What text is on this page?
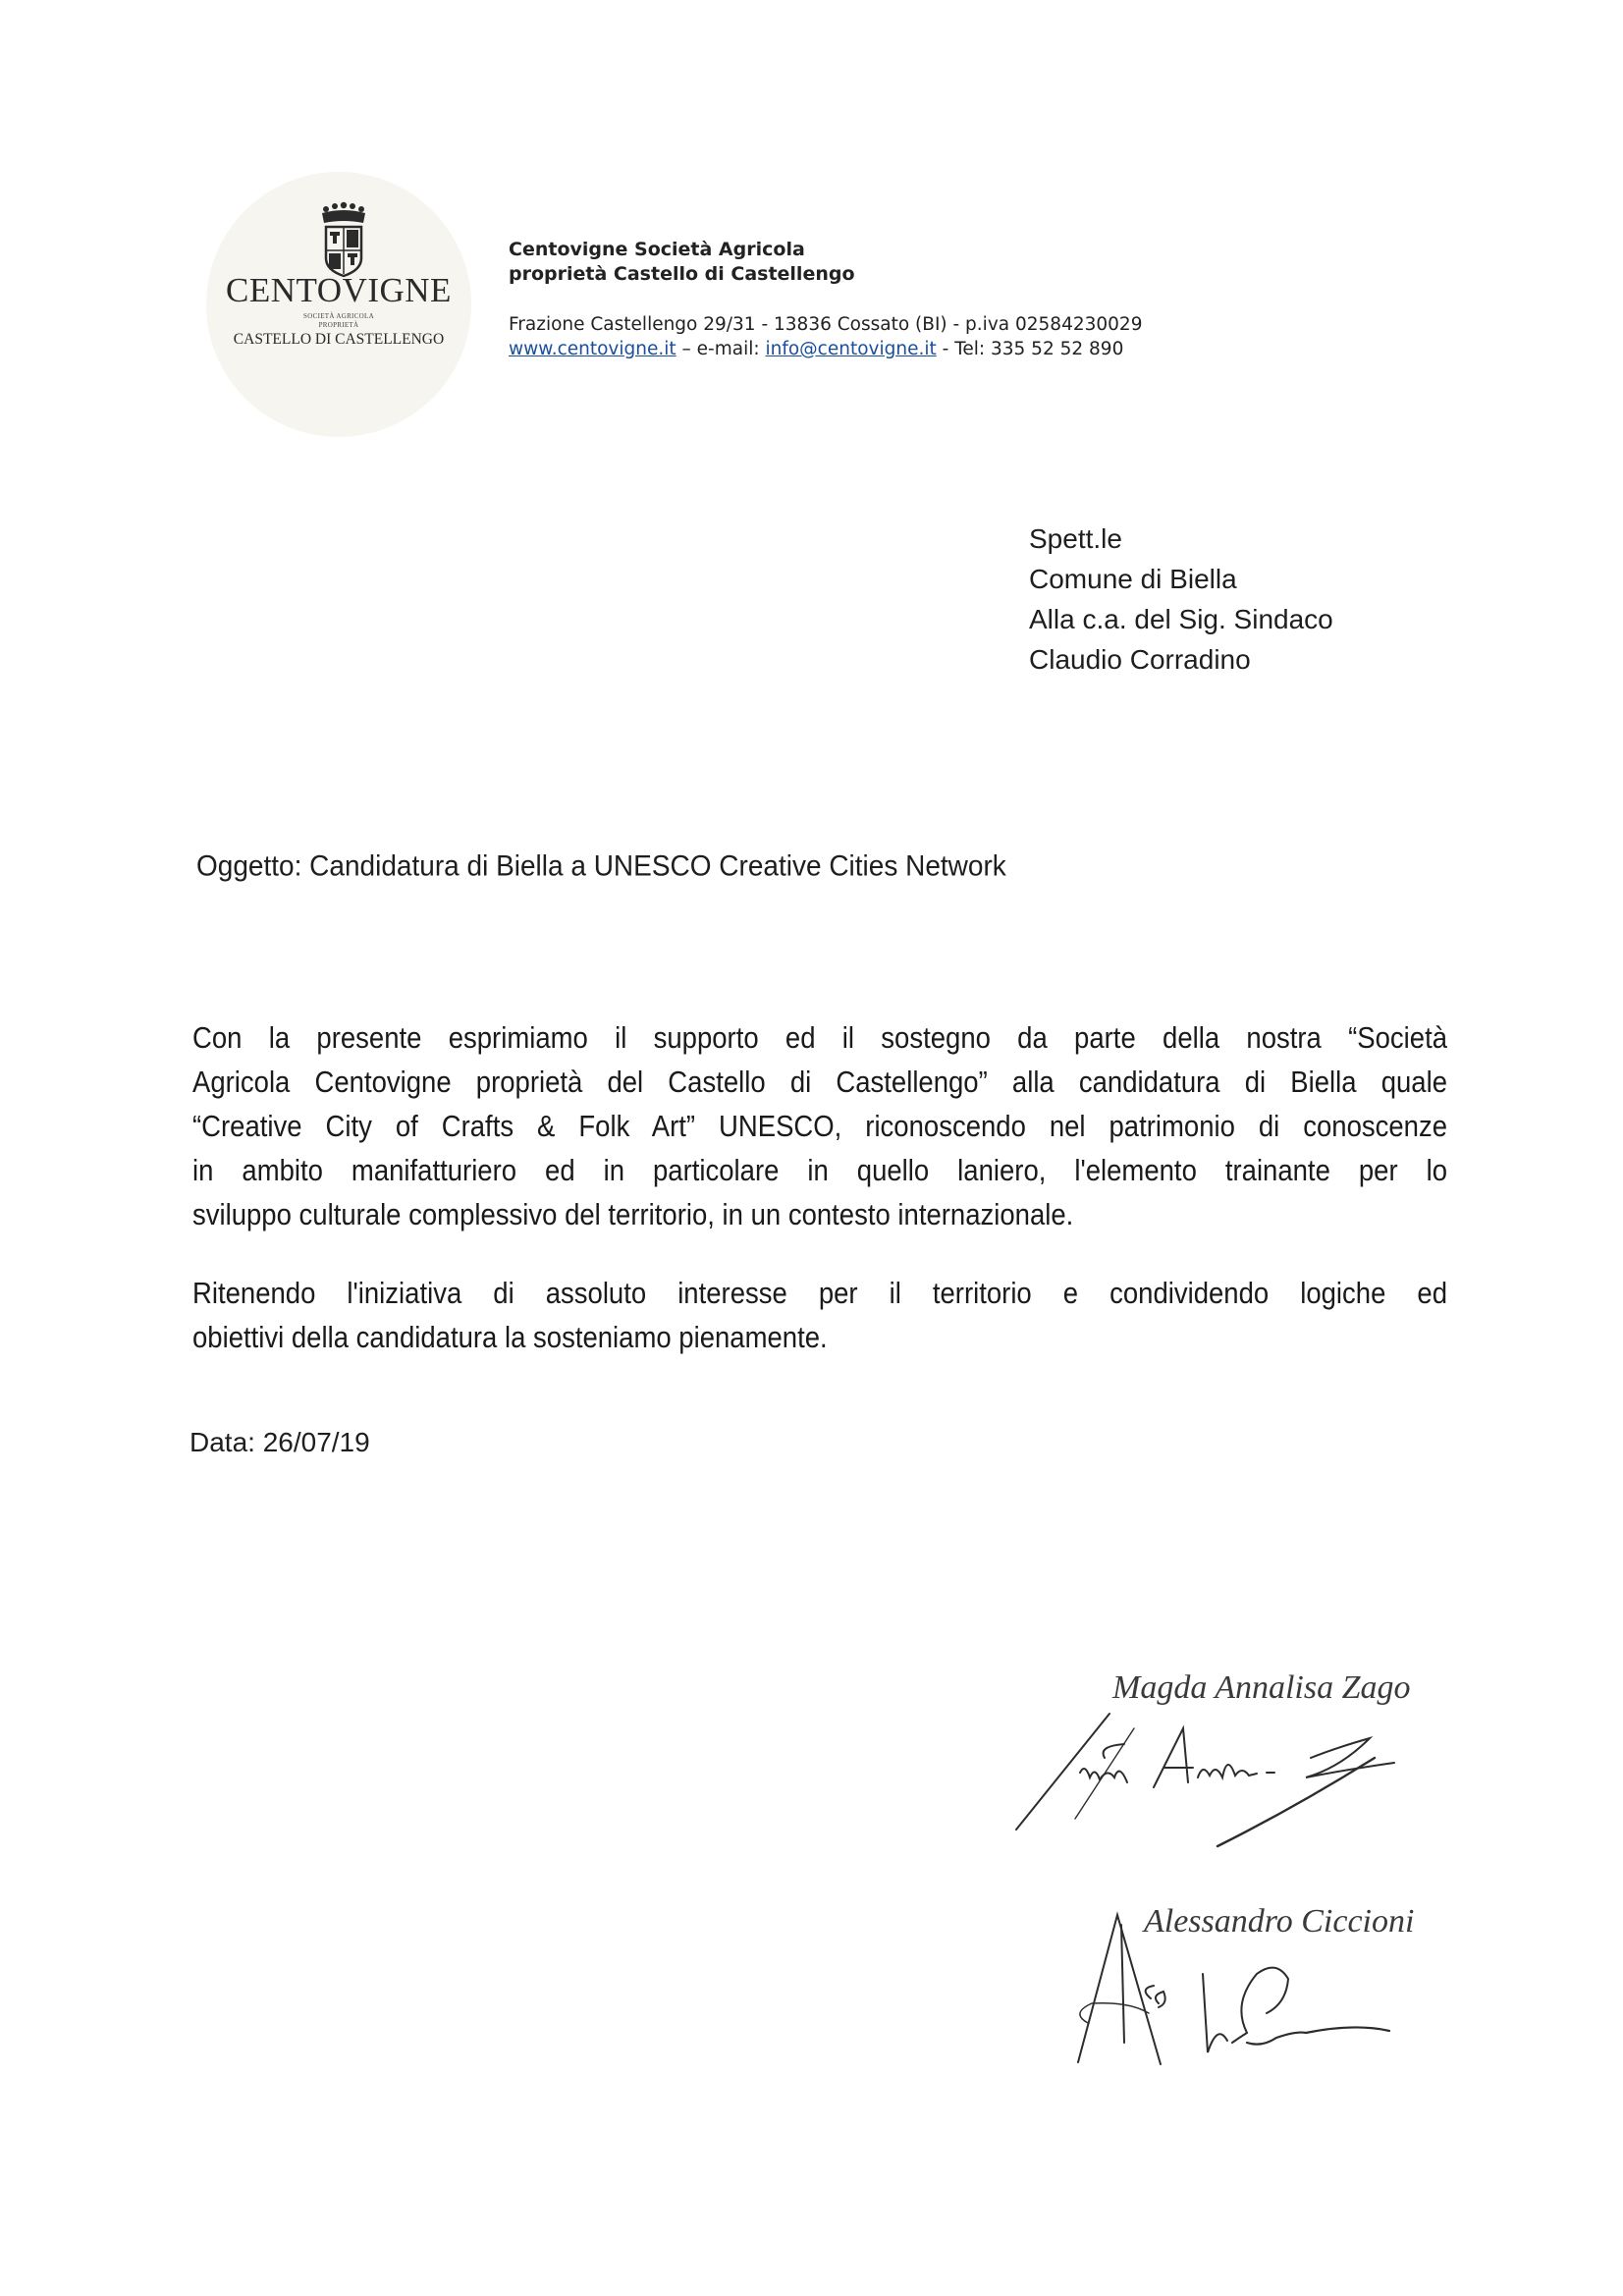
CENTOVIGNE
SOCIETÀ AGRICOLA
PROPRIETÀ
CASTELLO DI CASTELLENGO
Centovigne Società Agricola
proprietà Castello di Castellengo
Frazione Castellengo 29/31 - 13836 Cossato (BI) - p.iva 02584230029
www.centovigne.it – e-mail: info@centovigne.it - Tel: 335 52 52 890
Spett.le
Comune di Biella
Alla c.a. del Sig. Sindaco
Claudio Corradino
Oggetto: Candidatura di Biella a UNESCO Creative Cities Network
Con la presente esprimiamo il supporto ed il sostegno da parte della nostra “Società
Agricola Centovigne proprietà del Castello di Castellengo” alla candidatura di Biella quale
“Creative City of Crafts & Folk Art” UNESCO, riconoscendo nel patrimonio di conoscenze
in ambito manifatturiero ed in particolare in quello laniero, l'elemento trainante per lo
sviluppo culturale complessivo del territorio, in un contesto internazionale.
Ritenendo l'iniziativa di assoluto interesse per il territorio e condividendo logiche ed
obiettivi della candidatura la sosteniamo pienamente.
Data: 26/07/19
Magda Annalisa Zago
Alessandro Ciccioni
